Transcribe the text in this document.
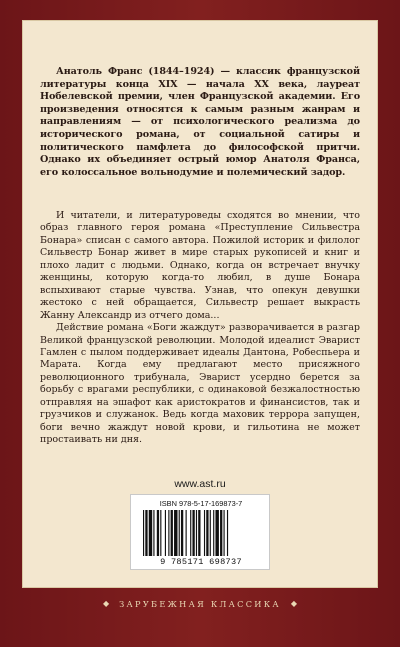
Анатоль Франс (1844–1924) — классик французской литературы конца XIX — начала XX века, лауреат Нобелевской премии, член Французской академии. Его произведения относятся к самым разным жанрам и направлениям — от психологического реализма до исторического романа, от социальной сатиры и политического памфлета до философской притчи. Однако их объединяет острый юмор Анатоля Франса, его колоссальное вольнодумие и полемический задор.

И читатели, и литературоведы сходятся во мнении, что образ главного героя романа «Преступление Сильвестра Бонара» списан с самого автора. Пожилой историк и филолог Сильвестр Бонар живет в мире старых рукописей и книг и плохо ладит с людьми. Однако, когда он встречает внучку женщины, которую когда-то любил, в душе Бонара вспыхивают старые чувства. Узнав, что опекун девушки жестоко с ней обращается, Сильвестр решает выкрасть Жанну Александр из отчего дома...

Действие романа «Боги жаждут» разворачивается в разгар Великой французской революции. Молодой идеалист Эварист Гамлен с пылом поддерживает идеалы Дантона, Робеспьера и Марата. Когда ему предлагают место присяжного революционного трибунала, Эварист усердно берется за борьбу с врагами республики, с одинаковой безжалостностью отправляя на эшафот как аристократов и финансистов, так и грузчиков и служанок. Ведь когда маховик террора запущен, боги вечно жаждут новой крови, и гильотина не может простаивать ни дня.

www.ast.ru
ISBN 978-5-17-169873-7
9 785171 698737
◆ ЗАРУБЕЖНАЯ КЛАССИКА ◆
